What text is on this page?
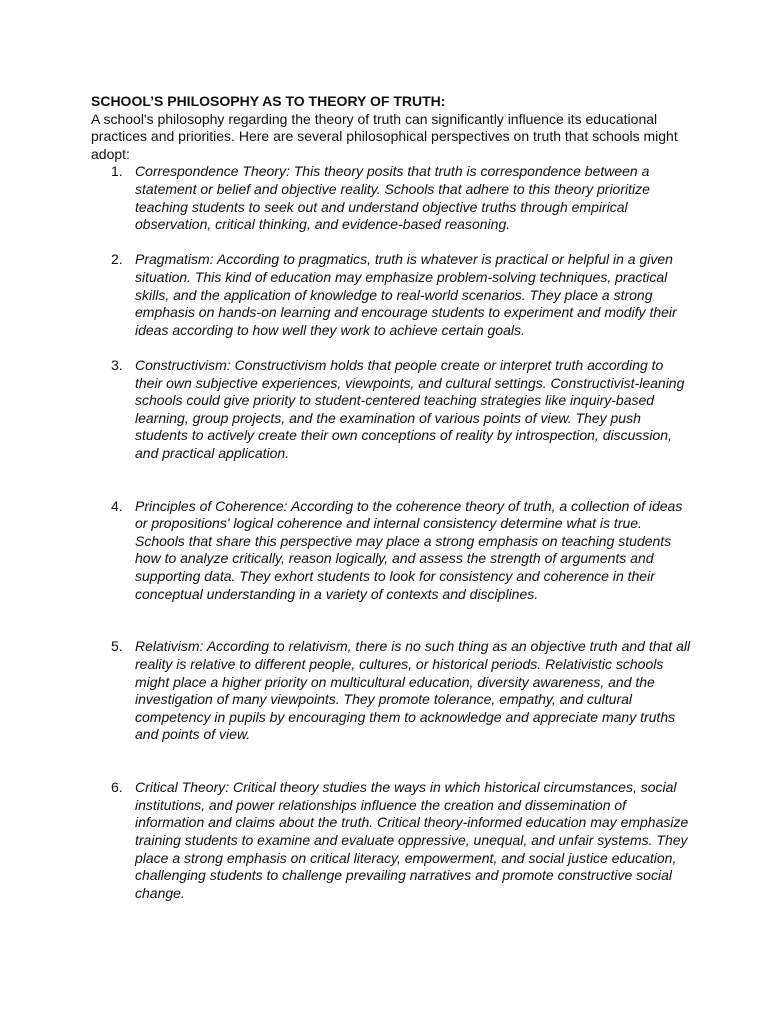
SCHOOL’S PHILOSOPHY AS TO THEORY OF TRUTH:

A school's philosophy regarding the theory of truth can significantly influence its educational practices and priorities. Here are several philosophical perspectives on truth that schools might adopt:

1. Correspondence Theory: This theory posits that truth is correspondence between a statement or belief and objective reality. Schools that adhere to this theory prioritize teaching students to seek out and understand objective truths through empirical observation, critical thinking, and evidence-based reasoning.
2. Pragmatism: According to pragmatics, truth is whatever is practical or helpful in a given situation. This kind of education may emphasize problem-solving techniques, practical skills, and the application of knowledge to real-world scenarios. They place a strong emphasis on hands-on learning and encourage students to experiment and modify their ideas according to how well they work to achieve certain goals.
3. Constructivism: Constructivism holds that people create or interpret truth according to their own subjective experiences, viewpoints, and cultural settings. Constructivist-leaning schools could give priority to student-centered teaching strategies like inquiry-based learning, group projects, and the examination of various points of view. They push students to actively create their own conceptions of reality by introspection, discussion, and practical application.
4. Principles of Coherence: According to the coherence theory of truth, a collection of ideas or propositions' logical coherence and internal consistency determine what is true. Schools that share this perspective may place a strong emphasis on teaching students how to analyze critically, reason logically, and assess the strength of arguments and supporting data. They exhort students to look for consistency and coherence in their conceptual understanding in a variety of contexts and disciplines.
5. Relativism: According to relativism, there is no such thing as an objective truth and that all reality is relative to different people, cultures, or historical periods. Relativistic schools might place a higher priority on multicultural education, diversity awareness, and the investigation of many viewpoints. They promote tolerance, empathy, and cultural competency in pupils by encouraging them to acknowledge and appreciate many truths and points of view.
6. Critical Theory: Critical theory studies the ways in which historical circumstances, social institutions, and power relationships influence the creation and dissemination of information and claims about the truth. Critical theory-informed education may emphasize training students to examine and evaluate oppressive, unequal, and unfair systems. They place a strong emphasis on critical literacy, empowerment, and social justice education, challenging students to challenge prevailing narratives and promote constructive social change.
